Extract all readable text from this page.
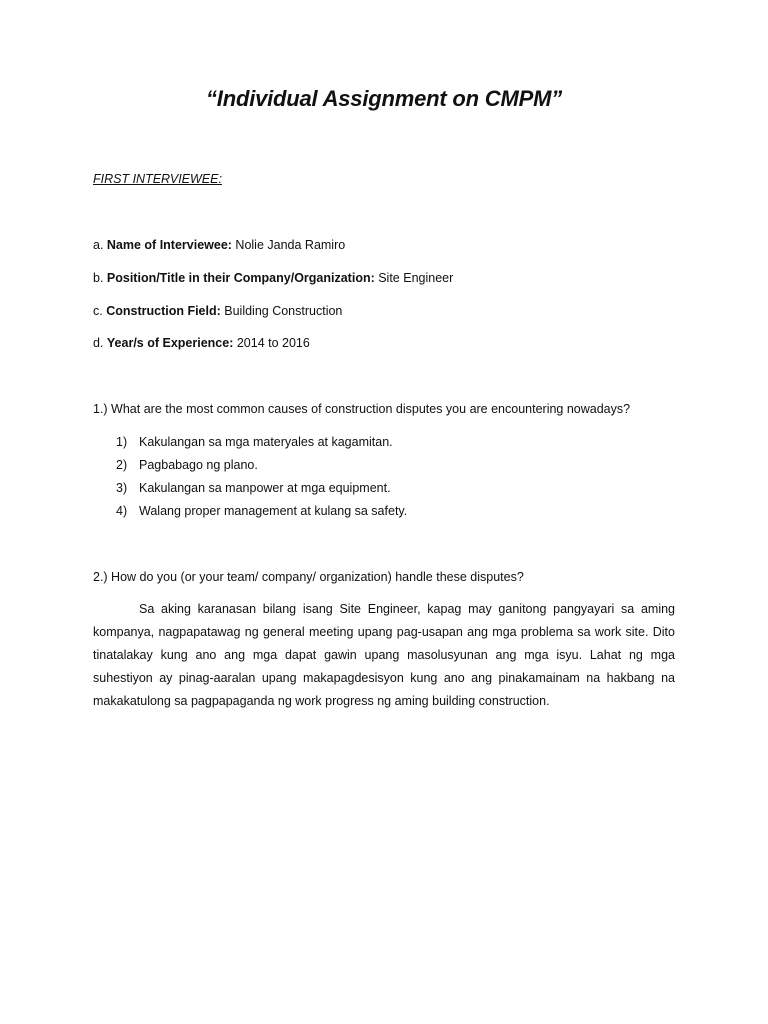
“Individual Assignment on CMPM”
FIRST INTERVIEWEE:
a. Name of Interviewee: Nolie Janda Ramiro
b. Position/Title in their Company/Organization: Site Engineer
c. Construction Field: Building Construction
d. Year/s of Experience: 2014 to 2016
1.) What are the most common causes of construction disputes you are encountering nowadays?
1) Kakulangan sa mga materyales at kagamitan.
2) Pagbabago ng plano.
3) Kakulangan sa manpower at mga equipment.
4) Walang proper management at kulang sa safety.
2.) How do you (or your team/ company/ organization) handle these disputes?

Sa aking karanasan bilang isang Site Engineer, kapag may ganitong pangyayari sa aming kompanya, nagpapatawag ng general meeting upang pag-usapan ang mga problema sa work site. Dito tinatalakay kung ano ang mga dapat gawin upang masolusyunan ang mga isyu. Lahat ng mga suhestiyon ay pinag-aaralan upang makapagdesisyon kung ano ang pinakamainam na hakbang na makakatulong sa pagpapaganda ng work progress ng aming building construction.
